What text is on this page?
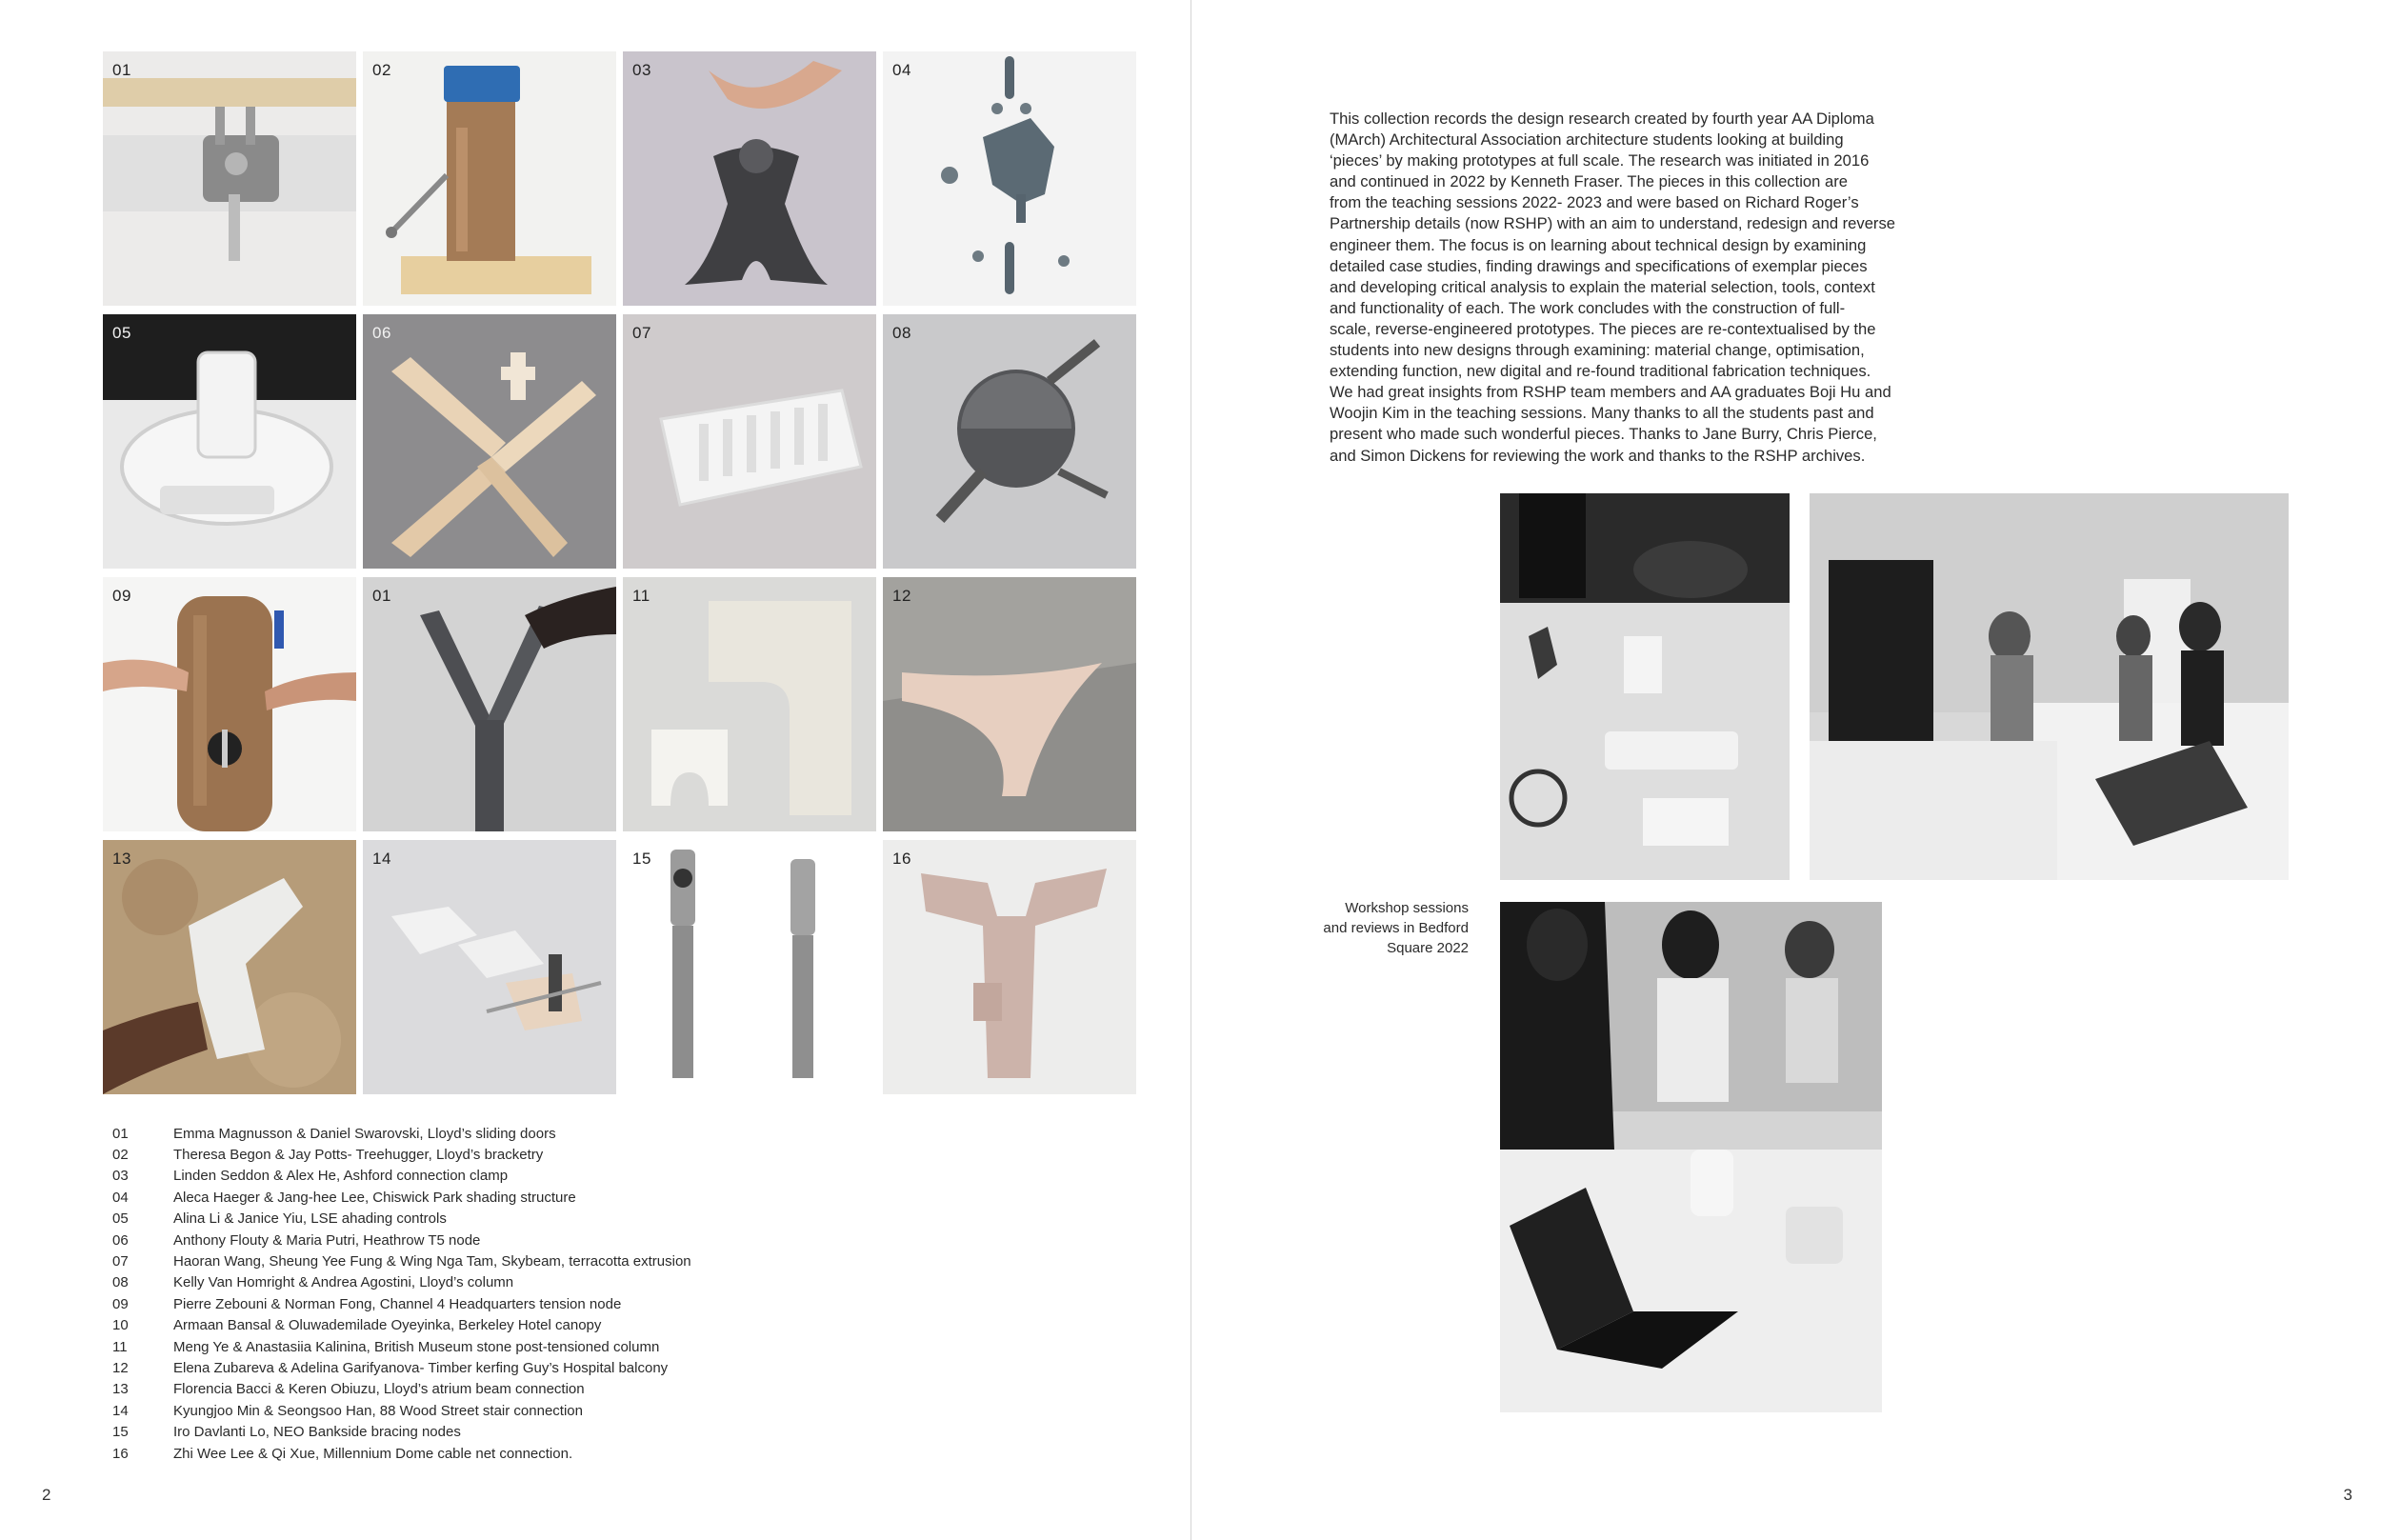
01	02	03	04
05	06	07	08
09	01	11	12
13	14	15	16
01	Emma Magnusson & Daniel Swarovski, Lloyd’s sliding doors
02	Theresa Begon & Jay Potts- Treehugger, Lloyd’s bracketry
03	Linden Seddon & Alex He, Ashford connection clamp
04	Aleca Haeger & Jang-hee Lee, Chiswick Park shading structure
05	Alina Li & Janice Yiu, LSE ahading controls
06	Anthony Flouty & Maria Putri, Heathrow T5 node
07	Haoran Wang, Sheung Yee Fung & Wing Nga Tam, Skybeam, terracotta extrusion
08	Kelly Van Homright & Andrea Agostini, Lloyd’s column
09	Pierre Zebouni & Norman Fong, Channel 4 Headquarters tension node
10	Armaan Bansal & Oluwademilade Oyeyinka, Berkeley Hotel canopy
11	Meng Ye & Anastasiia Kalinina, British Museum stone post-tensioned column
12	Elena Zubareva & Adelina Garifyanova- Timber kerfing Guy’s Hospital balcony
13	Florencia Bacci & Keren Obiuzu, Lloyd’s atrium beam connection
14	Kyungjoo Min & Seongsoo Han, 88 Wood Street stair connection
15	Iro Davlanti Lo, NEO Bankside bracing nodes
16	Zhi Wee Lee & Qi Xue, Millennium Dome cable net connection.
2
This collection records the design research created by fourth year AA Diploma
(MArch) Architectural Association architecture students looking at building
‘pieces’ by making prototypes at full scale. The research was initiated in 2016
and continued in 2022 by Kenneth Fraser. The pieces in this collection are
from the teaching sessions 2022- 2023 and were based on Richard Roger’s
Partnership details (now RSHP) with an aim to understand, redesign and reverse
engineer them. The focus is on learning about technical design by examining
detailed case studies, finding drawings and specifications of exemplar pieces
and developing critical analysis to explain the material selection, tools, context
and functionality of each. The work concludes with the construction of full-
scale, reverse-engineered prototypes. The pieces are re-contextualised by the
students into new designs through examining: material change, optimisation,
extending function, new digital and re-found traditional fabrication techniques.
We had great insights from RSHP team members and AA graduates Boji Hu and
Woojin Kim in the teaching sessions. Many thanks to all the students past and
present who made such wonderful pieces. Thanks to Jane Burry, Chris Pierce,
and Simon Dickens for reviewing the work and thanks to the RSHP archives.
Workshop sessions
and reviews in Bedford
Square 2022
3
